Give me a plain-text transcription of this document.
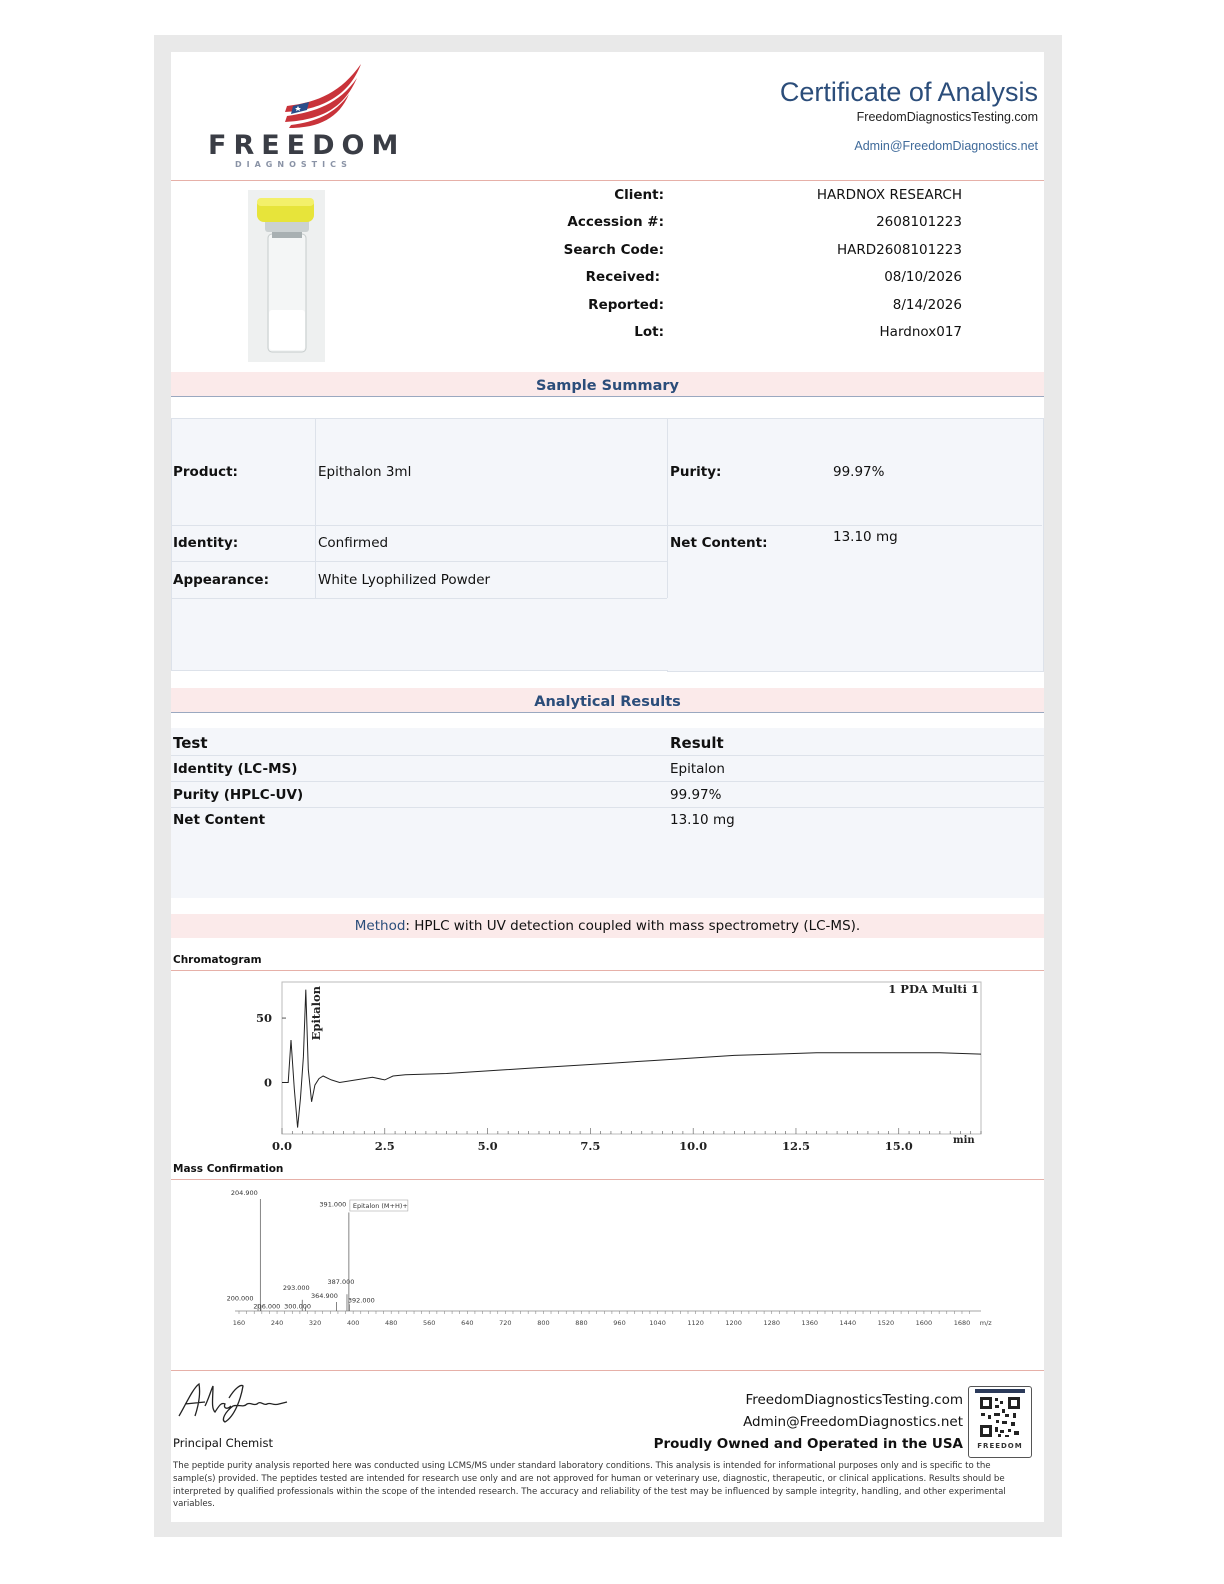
FREEDOM
DIAGNOSTICS
Certificate of Analysis
FreedomDiagnosticsTesting.com
Admin@FreedomDiagnostics.net
Client:	HARDNOX RESEARCH
Accession #:	2608101223
Search Code:	HARD2608101223
Received:	08/10/2026
Reported:	8/14/2026
Lot:	Hardnox017
Sample Summary
Product:	Epithalon 3ml	Purity:	99.97%
Identity:	Confirmed	Net Content:	13.10 mg
Appearance:	White Lyophilized Powder
Analytical Results
Test	Result
Identity (LC-MS)	Epitalon
Purity (HPLC-UV)	99.97%
Net Content	13.10 mg
Method: HPLC with UV detection coupled with mass spectrometry (LC-MS).
Chromatogram
0.0	2.5	5.0	7.5	10.0	12.5	15.0	min
0
50
1 PDA Multi 1
Epitalon
Mass Confirmation
160	240	320	400	480	560	640	720	800	880	960	1040	1120	1200	1280	1360	1440	1520	1600	1680 m/z
200.000
204.900
206.000
293.000
300.000
364.900
387.000
391.000
392.000
Epitalon (M+H)+
Principal Chemist
FreedomDiagnosticsTesting.com
Admin@FreedomDiagnostics.net
Proudly Owned and Operated in the USA	FREEDOM
The peptide purity analysis reported here was conducted using LCMS/MS under standard laboratory conditions. This analysis is intended for informational purposes only and is specific to the sample(s) provided. The peptides tested are intended for research use only and are not approved for human or veterinary use, diagnostic, therapeutic, or clinical applications. Results should be interpreted by qualified professionals within the scope of the intended research. The accuracy and reliability of the test may be influenced by sample integrity, handling, and other experimental variables.
